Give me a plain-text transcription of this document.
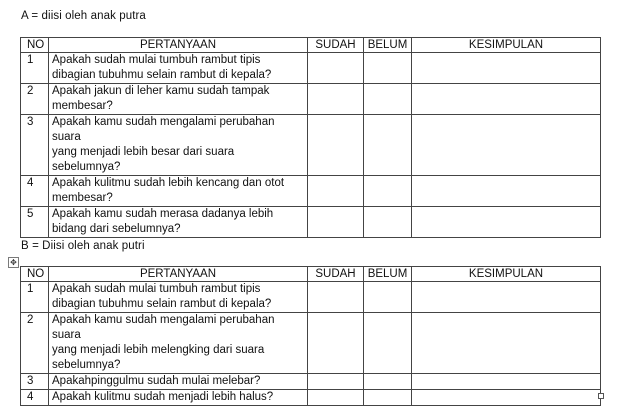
A = diisi oleh anak putra
NO	PERTANYAAN	SUDAH	BELUM	KESIMPULAN
1	Apakah sudah mulai tumbuh rambut tipis
dibagian tubuhmu selain rambut di kepala?			

2	Apakah jakun di leher kamu sudah tampak
membesar?			

3	Apakah kamu sudah mengalami perubahan suara
yang menjadi lebih besar dari suara sebelumnya?			

4	Apakah kulitmu sudah lebih kencang dan otot
membesar?			

5	Apakah kamu sudah merasa dadanya lebih
bidang dari sebelumnya?			

B = Diisi oleh anak putri
✥
NO	PERTANYAAN	SUDAH	BELUM	KESIMPULAN
1	Apakah sudah mulai tumbuh rambut tipis
dibagian tubuhmu selain rambut di kepala?			

2	Apakah kamu sudah mengalami perubahan suara
yang menjadi lebih melengking dari suara
sebelumnya?			

3	Apakahpinggulmu sudah mulai melebar?			

4	Apakah kulitmu sudah menjadi lebih halus?			
